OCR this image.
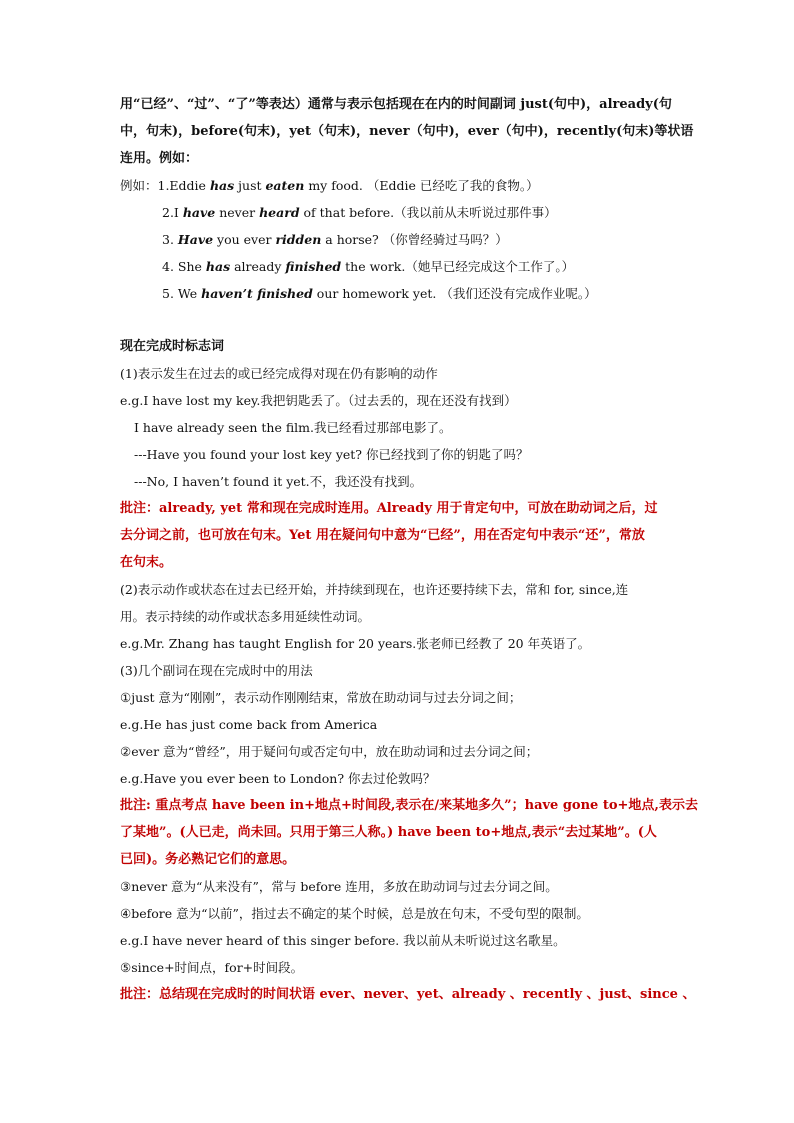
用“已经”、“过”、“了”等表达）通常与表示包括现在在内的时间副词 just(句中)，already(句
中，句末)，before(句末)，yet（句末)，never（句中)，ever（句中)，recently(句末)等状语
连用。例如：
例如：1.Eddie has just eaten my food. （Eddie 已经吃了我的食物。）
2.I have never heard of that before.（我以前从未听说过那件事）
3. Have you ever ridden a horse? （你曾经骑过马吗？）
4. She has already finished the work.（她早已经完成这个工作了。）
5. We haven’t finished our homework yet. （我们还没有完成作业呢。）
现在完成时标志词
(1)表示发生在过去的或已经完成得对现在仍有影响的动作
e.g.I have lost my key.我把钥匙丢了。（过去丢的，现在还没有找到）
I have already seen the film.我已经看过那部电影了。
---Have you found your lost key yet? 你已经找到了你的钥匙了吗？
---No, I haven’t found it yet.不，我还没有找到。
批注：already, yet 常和现在完成时连用。Already 用于肯定句中，可放在助动词之后，过
去分词之前，也可放在句末。Yet 用在疑问句中意为“已经”，用在否定句中表示“还”，常放
在句末。
(2)表示动作或状态在过去已经开始，并持续到现在，也许还要持续下去，常和 for, since,连
用。表示持续的动作或状态多用延续性动词。
e.g.Mr. Zhang has taught English for 20 years.张老师已经教了 20 年英语了。
(3)几个副词在现在完成时中的用法
①just 意为“刚刚”，表示动作刚刚结束，常放在助动词与过去分词之间；
e.g.He has just come back from America
②ever 意为“曾经”，用于疑问句或否定句中，放在助动词和过去分词之间；
e.g.Have you ever been to London? 你去过伦敦吗？
批注: 重点考点 have been in+地点+时间段,表示在/来某地多久”；have gone to+地点,表示去
了某地”。(人已走，尚未回。只用于第三人称。) have been to+地点,表示“去过某地”。(人
已回)。务必熟记它们的意思。
③never 意为“从来没有”，常与 before 连用，多放在助动词与过去分词之间。
④before 意为“以前”，指过去不确定的某个时候，总是放在句末，不受句型的限制。
e.g.I have never heard of this singer before. 我以前从未听说过这名歌星。
⑤since+时间点，for+时间段。
批注：总结现在完成时的时间状语 ever、never、yet、already 、recently 、just、since 、
